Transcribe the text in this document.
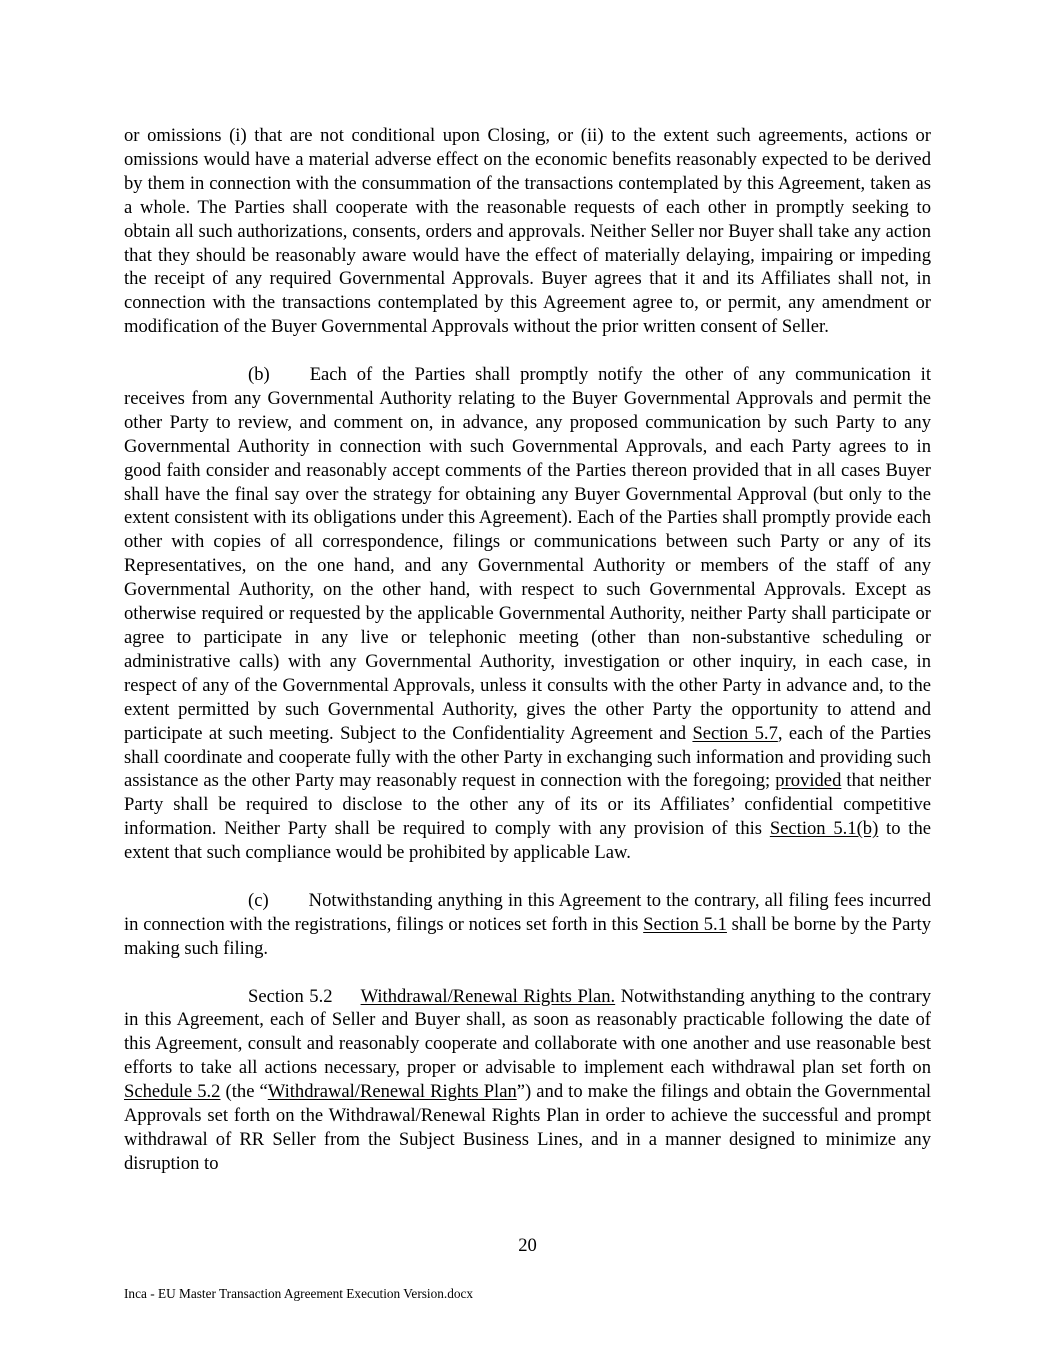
or omissions (i) that are not conditional upon Closing, or (ii) to the extent such agreements, actions or omissions would have a material adverse effect on the economic benefits reasonably expected to be derived by them in connection with the consummation of the transactions contemplated by this Agreement, taken as a whole. The Parties shall cooperate with the reasonable requests of each other in promptly seeking to obtain all such authorizations, consents, orders and approvals. Neither Seller nor Buyer shall take any action that they should be reasonably aware would have the effect of materially delaying, impairing or impeding the receipt of any required Governmental Approvals. Buyer agrees that it and its Affiliates shall not, in connection with the transactions contemplated by this Agreement agree to, or permit, any amendment or modification of the Buyer Governmental Approvals without the prior written consent of Seller.

(b) Each of the Parties shall promptly notify the other of any communication it receives from any Governmental Authority relating to the Buyer Governmental Approvals and permit the other Party to review, and comment on, in advance, any proposed communication by such Party to any Governmental Authority in connection with such Governmental Approvals, and each Party agrees to in good faith consider and reasonably accept comments of the Parties thereon provided that in all cases Buyer shall have the final say over the strategy for obtaining any Buyer Governmental Approval (but only to the extent consistent with its obligations under this Agreement). Each of the Parties shall promptly provide each other with copies of all correspondence, filings or communications between such Party or any of its Representatives, on the one hand, and any Governmental Authority or members of the staff of any Governmental Authority, on the other hand, with respect to such Governmental Approvals. Except as otherwise required or requested by the applicable Governmental Authority, neither Party shall participate or agree to participate in any live or telephonic meeting (other than non-substantive scheduling or administrative calls) with any Governmental Authority, investigation or other inquiry, in each case, in respect of any of the Governmental Approvals, unless it consults with the other Party in advance and, to the extent permitted by such Governmental Authority, gives the other Party the opportunity to attend and participate at such meeting. Subject to the Confidentiality Agreement and Section 5.7, each of the Parties shall coordinate and cooperate fully with the other Party in exchanging such information and providing such assistance as the other Party may reasonably request in connection with the foregoing; provided that neither Party shall be required to disclose to the other any of its or its Affiliates’ confidential competitive information. Neither Party shall be required to comply with any provision of this Section 5.1(b) to the extent that such compliance would be prohibited by applicable Law.

(c) Notwithstanding anything in this Agreement to the contrary, all filing fees incurred in connection with the registrations, filings or notices set forth in this Section 5.1 shall be borne by the Party making such filing.

Section 5.2 Withdrawal/Renewal Rights Plan. Notwithstanding anything to the contrary in this Agreement, each of Seller and Buyer shall, as soon as reasonably practicable following the date of this Agreement, consult and reasonably cooperate and collaborate with one another and use reasonable best efforts to take all actions necessary, proper or advisable to implement each withdrawal plan set forth on Schedule 5.2 (the “Withdrawal/Renewal Rights Plan”) and to make the filings and obtain the Governmental Approvals set forth on the Withdrawal/Renewal Rights Plan in order to achieve the successful and prompt withdrawal of RR Seller from the Subject Business Lines, and in a manner designed to minimize any disruption to

20
Inca - EU Master Transaction Agreement Execution Version.docx
